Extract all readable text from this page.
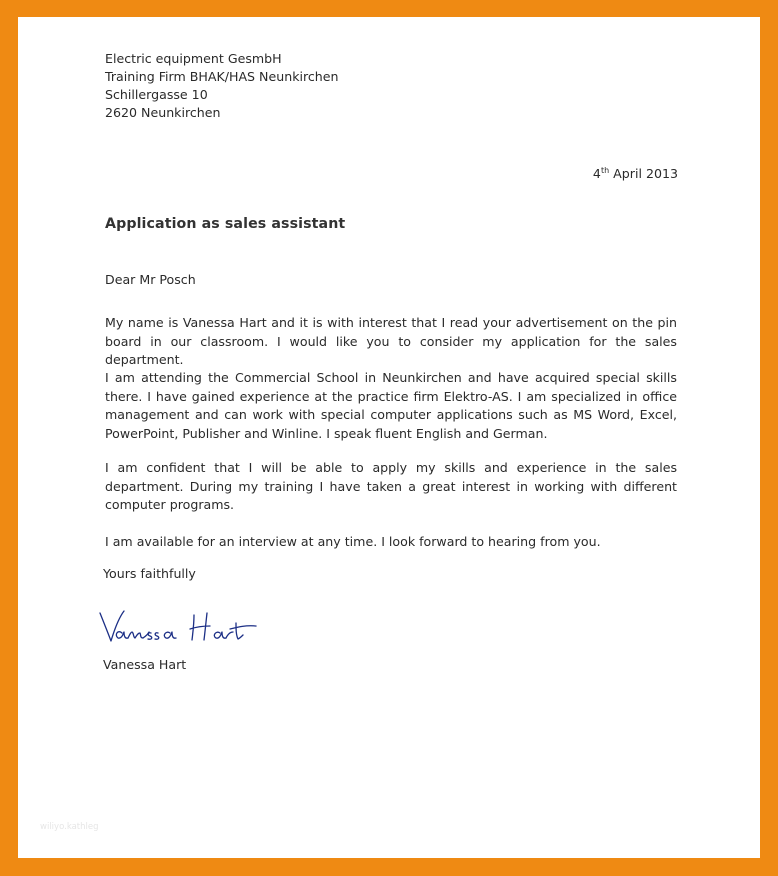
Electric equipment GesmbH
Training Firm BHAK/HAS Neunkirchen
Schillergasse 10
2620 Neunkirchen
4th April 2013
Application as sales assistant
Dear Mr Posch
My name is Vanessa Hart and it is with interest that I read your advertisement on the pin board in our classroom. I would like you to consider my application for the sales department.
I am attending the Commercial School in Neunkirchen and have acquired special skills there. I have gained experience at the practice firm Elektro-AS. I am specialized in office management and can work with special computer applications such as MS Word, Excel, PowerPoint, Publisher and Winline. I speak fluent English and German.
I am confident that I will be able to apply my skills and experience in the sales department. During my training I have taken a great interest in working with different computer programs.
I am available for an interview at any time. I look forward to hearing from you.
Yours faithfully
Vanessa Hart
wiliyo.kathleg
